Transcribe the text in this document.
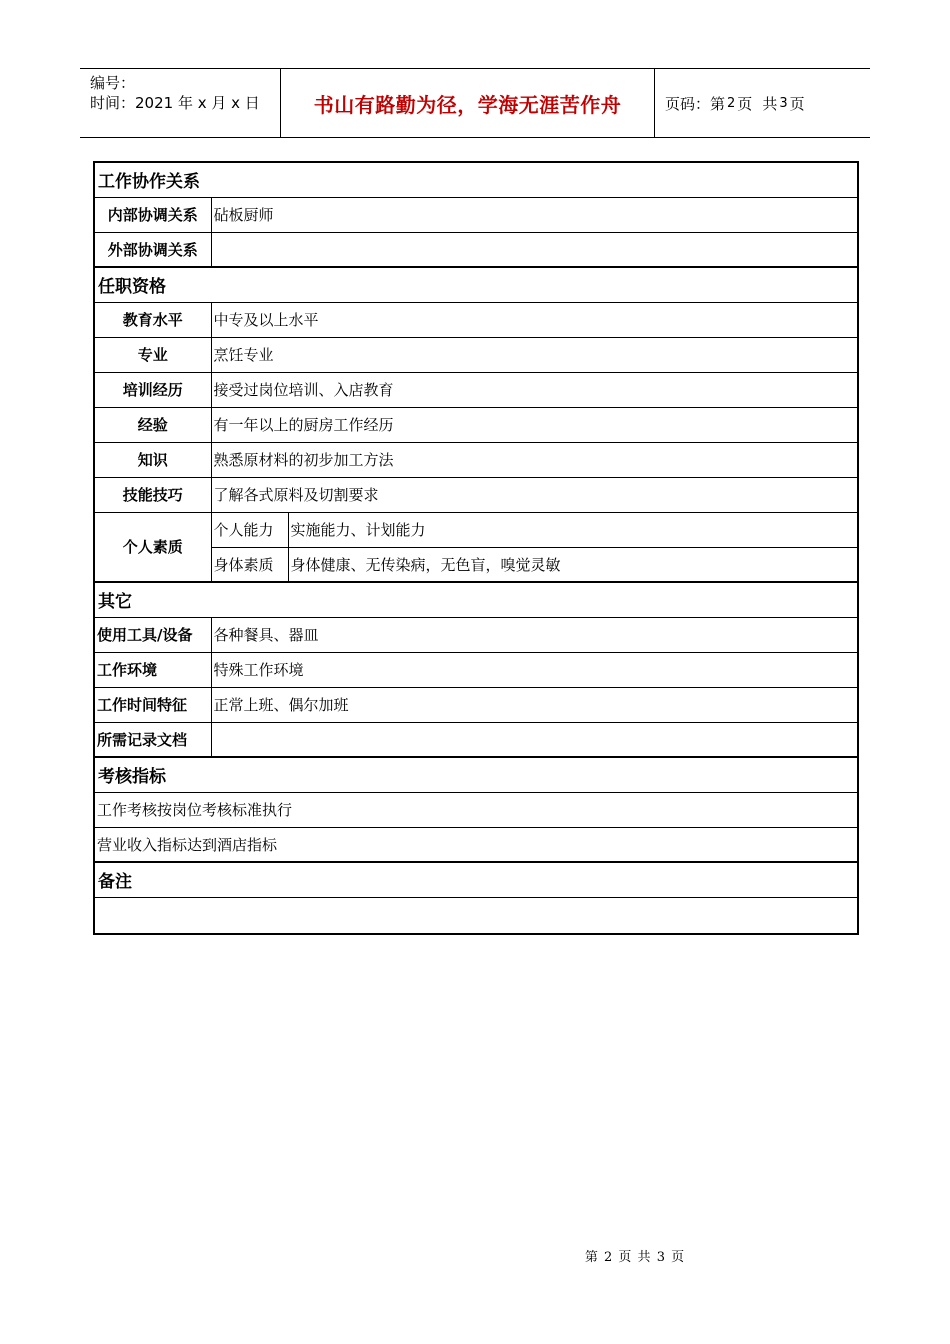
编号：
时间：2021 年 x 月 x 日	书山有路勤为径，学海无涯苦作舟	页码：第 2 页 共 3 页
工作协作关系		
内部协调关系	砧板厨师	
外部协调关系		
任职资格		
教育水平	中专及以上水平	
专业	烹饪专业	
培训经历	接受过岗位培训、入店教育	
经验	有一年以上的厨房工作经历	
知识	熟悉原材料的初步加工方法	
技能技巧	了解各式原料及切割要求	
个人素质	个人能力	实施能力、计划能力
	身体素质	身体健康、无传染病，无色盲，嗅觉灵敏
其它		
使用工具/设备	各种餐具、器皿	
工作环境	特殊工作环境	
工作时间特征	正常上班、偶尔加班	
所需记录文档		
考核指标		
工作考核按岗位考核标准执行		
营业收入指标达到酒店指标		
备注		

第 2 页 共 3 页
